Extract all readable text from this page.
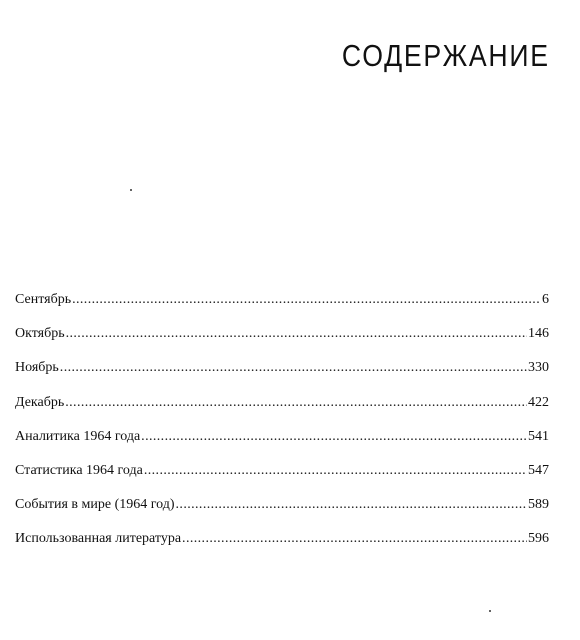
СОДЕРЖАНИЕ
Сентябрь .....	6
Октябрь .....	146
Ноябрь .....	330
Декабрь .....	422
Аналитика 1964 года .....	541
Статистика 1964 года .....	547
События в мире (1964 год) .....	589
Использованная литература .....	596
